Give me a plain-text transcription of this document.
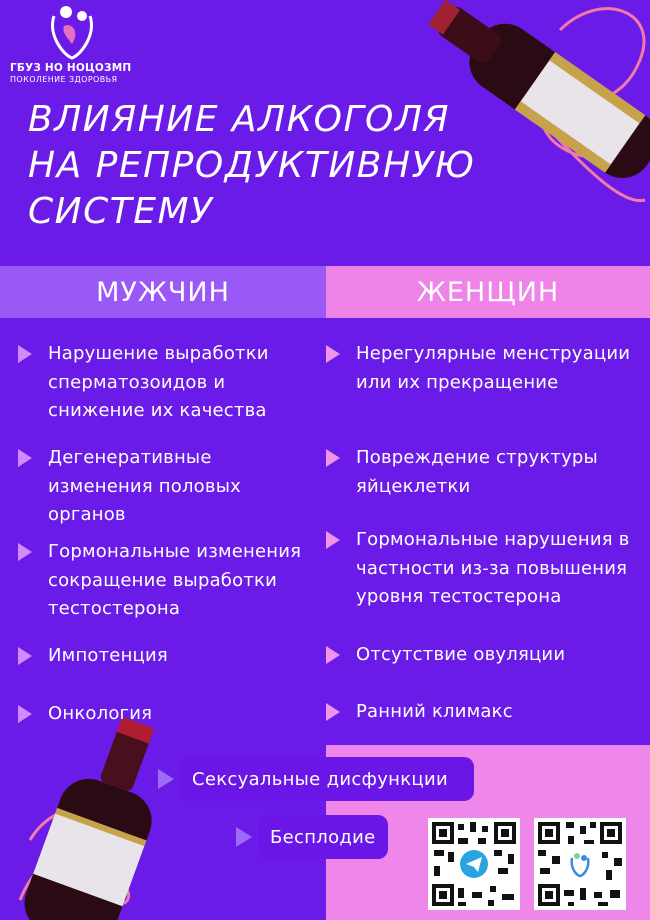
ГБУЗ НО НОЦОЗМП
ПОКОЛЕНИЕ ЗДОРОВЬЯ
ВЛИЯНИЕ АЛКОГОЛЯ
НА РЕПРОДУКТИВНУЮ
СИСТЕМУ
МУЖЧИН	ЖЕНЩИН
Нарушение выработки сперматозоидов и снижение их качества
Дегенеративные изменения половых органов
Гормональные изменения сокращение выработки тестостерона
Импотенция
Онкология
Нерегулярные менструации или их прекращение
Повреждение структуры яйцеклетки
Гормональные нарушения в частности из-за повышения уровня тестостерона
Отсутствие овуляции
Ранний климакс
Сексуальные дисфункции
Бесплодие
